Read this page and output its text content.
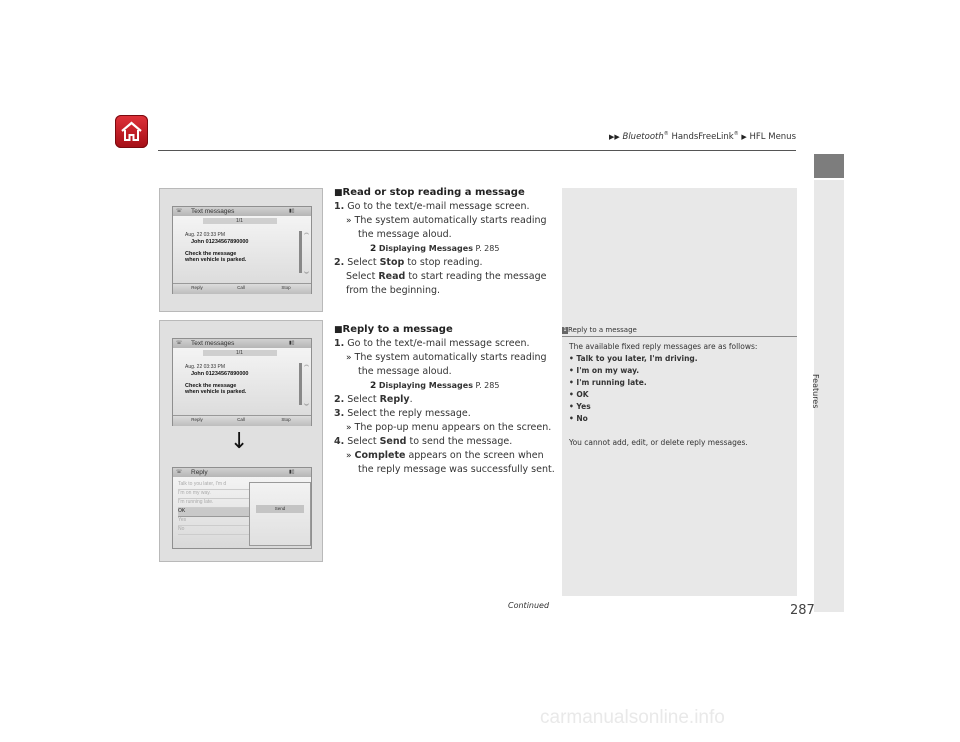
▶▶ Bluetooth® HandsFreeLink® ▶ HFL Menus
Features
☏ Text messages	▮▯
1/1
Aug. 22 03:33 PM
John 01234567890000
Check the message
when vehicle is parked.
︽
︾
Reply	Call	Stop
☏ Text messages	▮▯
1/1
Aug. 22 03:33 PM
John 01234567890000
Check the message
when vehicle is parked.
︽
︾
Reply	Call	Stop
↓
☏ Reply	▮▯
Talk to you later, I'm d
I'm on my way.
I'm running late.
OK
Yes
No
Send
■Read or stop reading a message
1. Go to the text/e-mail message screen.
» The system automatically starts reading
the message aloud.
2 Displaying Messages P. 285
2. Select Stop to stop reading.
Select Read to start reading the message
from the beginning.
■Reply to a message
1. Go to the text/e-mail message screen.
» The system automatically starts reading
the message aloud.
2 Displaying Messages P. 285
2. Select Reply.
3. Select the reply message.
» The pop-up menu appears on the screen.
4. Select Send to send the message.
» Complete appears on the screen when
the reply message was successfully sent.
1Reply to a message
The available fixed reply messages are as follows:
• Talk to you later, I'm driving.
• I'm on my way.
• I'm running late.
• OK
• Yes
• No
You cannot add, edit, or delete reply messages.
Continued	287
carmanualsonline.info
